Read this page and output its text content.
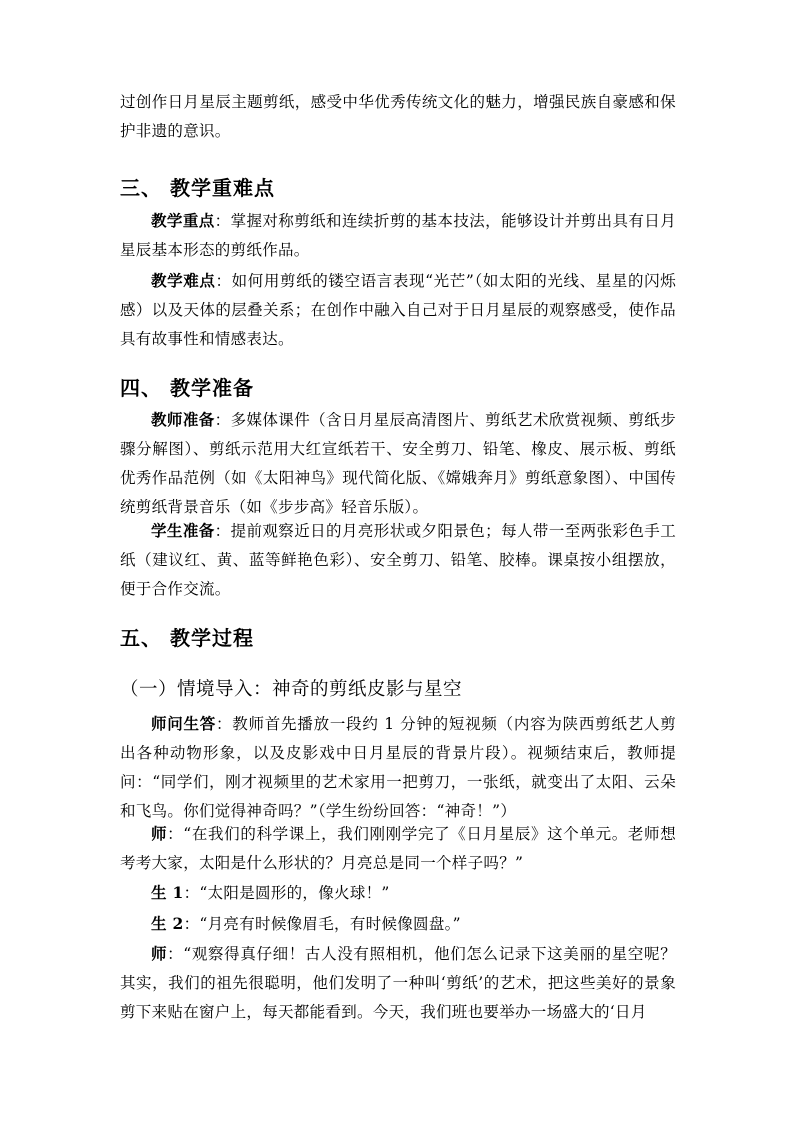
过创作日月星辰主题剪纸，感受中华优秀传统文化的魅力，增强民族自豪感和保护非遗的意识。

三、 教学重难点

教学重点：掌握对称剪纸和连续折剪的基本技法，能够设计并剪出具有日月星辰基本形态的剪纸作品。

教学难点：如何用剪纸的镂空语言表现“光芒”（如太阳的光线、星星的闪烁感）以及天体的层叠关系；在创作中融入自己对于日月星辰的观察感受，使作品具有故事性和情感表达。

四、 教学准备

教师准备：多媒体课件（含日月星辰高清图片、剪纸艺术欣赏视频、剪纸步骤分解图）、剪纸示范用大红宣纸若干、安全剪刀、铅笔、橡皮、展示板、剪纸优秀作品范例（如《太阳神鸟》现代简化版、《嫦娥奔月》剪纸意象图）、中国传统剪纸背景音乐（如《步步高》轻音乐版）。

学生准备：提前观察近日的月亮形状或夕阳景色；每人带一至两张彩色手工纸（建议红、黄、蓝等鲜艳色彩）、安全剪刀、铅笔、胶棒。课桌按小组摆放，便于合作交流。

五、 教学过程
（一）情境导入：神奇的剪纸皮影与星空

师问生答：教师首先播放一段约 1 分钟的短视频（内容为陕西剪纸艺人剪出各种动物形象，以及皮影戏中日月星辰的背景片段）。视频结束后，教师提问：“同学们，刚才视频里的艺术家用一把剪刀，一张纸，就变出了太阳、云朵和飞鸟。你们觉得神奇吗？”（学生纷纷回答：“神奇！”）

师：“在我们的科学课上，我们刚刚学完了《日月星辰》这个单元。老师想考考大家，太阳是什么形状的？月亮总是同一个样子吗？”

生 1：“太阳是圆形的，像火球！”

生 2：“月亮有时候像眉毛，有时候像圆盘。”

师：“观察得真仔细！古人没有照相机，他们怎么记录下这美丽的星空呢？其实，我们的祖先很聪明，他们发明了一种叫‘剪纸’的艺术，把这些美好的景象剪下来贴在窗户上，每天都能看到。今天，我们班也要举办一场盛大的‘日月
